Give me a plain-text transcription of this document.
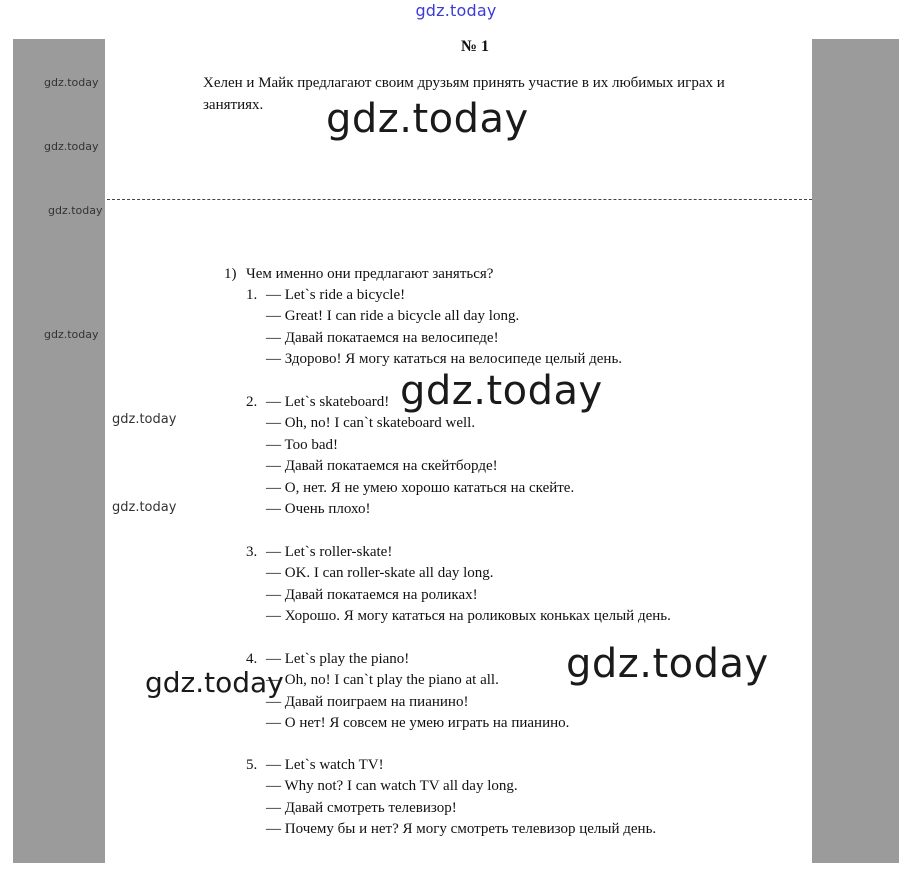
gdz.today
gdz.today
gdz.today
gdz.today
gdz.today
gdz.today
gdz.today
№ 1
Хелен и Майк предлагают своим друзьям принять участие в их любимых играх и занятиях.
1) Чем именно они предлагают заняться?
1. — Let`s ride a bicycle!
— Great! I can ride a bicycle all day long.
— Давай покатаемся на велосипеде!
— Здорово! Я могу кататься на велосипеде целый день.
2. — Let`s skateboard!
— Oh, no! I can`t skateboard well.
— Too bad!
— Давай покатаемся на скейтборде!
— О, нет. Я не умею хорошо кататься на скейте.
— Очень плохо!
3. — Let`s roller-skate!
— OK. I can roller-skate all day long.
— Давай покатаемся на роликах!
— Хорошо. Я могу кататься на роликовых коньках целый день.
4. — Let`s play the piano!
— Oh, no! I can`t play the piano at all.
— Давай поиграем на пианино!
— О нет! Я совсем не умею играть на пианино.
5. — Let`s watch TV!
— Why not? I can watch TV all day long.
— Давай смотреть телевизор!
— Почему бы и нет? Я могу смотреть телевизор целый день.
gdz.today
gdz.today
gdz.today
gdz.today
